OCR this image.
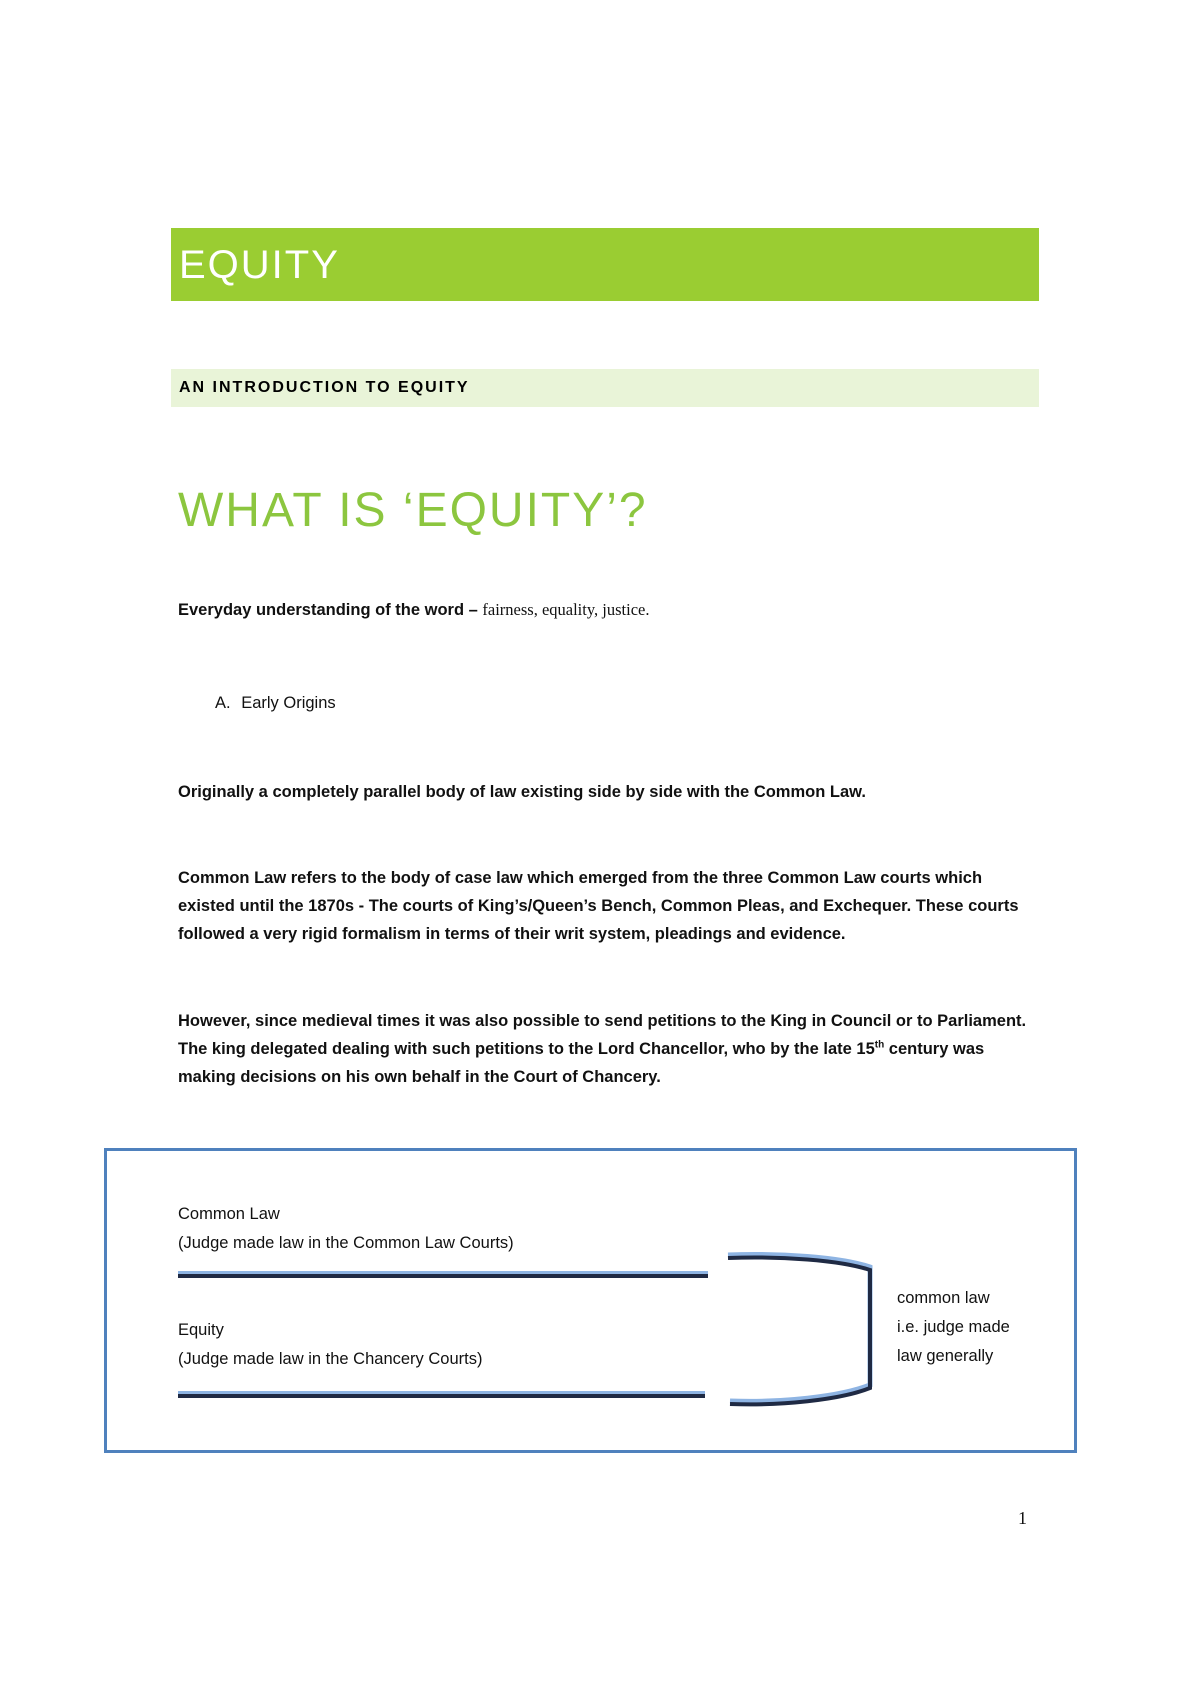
EQUITY
AN INTRODUCTION TO EQUITY
WHAT IS ‘EQUITY’?
Everyday understanding of the word – fairness, equality, justice.
A. Early Origins
Originally a completely parallel body of law existing side by side with the Common Law.
Common Law refers to the body of case law which emerged from the three Common Law courts which existed until the 1870s - The courts of King’s/Queen’s Bench, Common Pleas, and Exchequer. These courts followed a very rigid formalism in terms of their writ system, pleadings and evidence.
However, since medieval times it was also possible to send petitions to the King in Council or to Parliament. The king delegated dealing with such petitions to the Lord Chancellor, who by the late 15th century was making decisions on his own behalf in the Court of Chancery.
Common Law
(Judge made law in the Common Law Courts)
Equity
(Judge made law in the Chancery Courts)
common law
i.e. judge made
law generally
1
